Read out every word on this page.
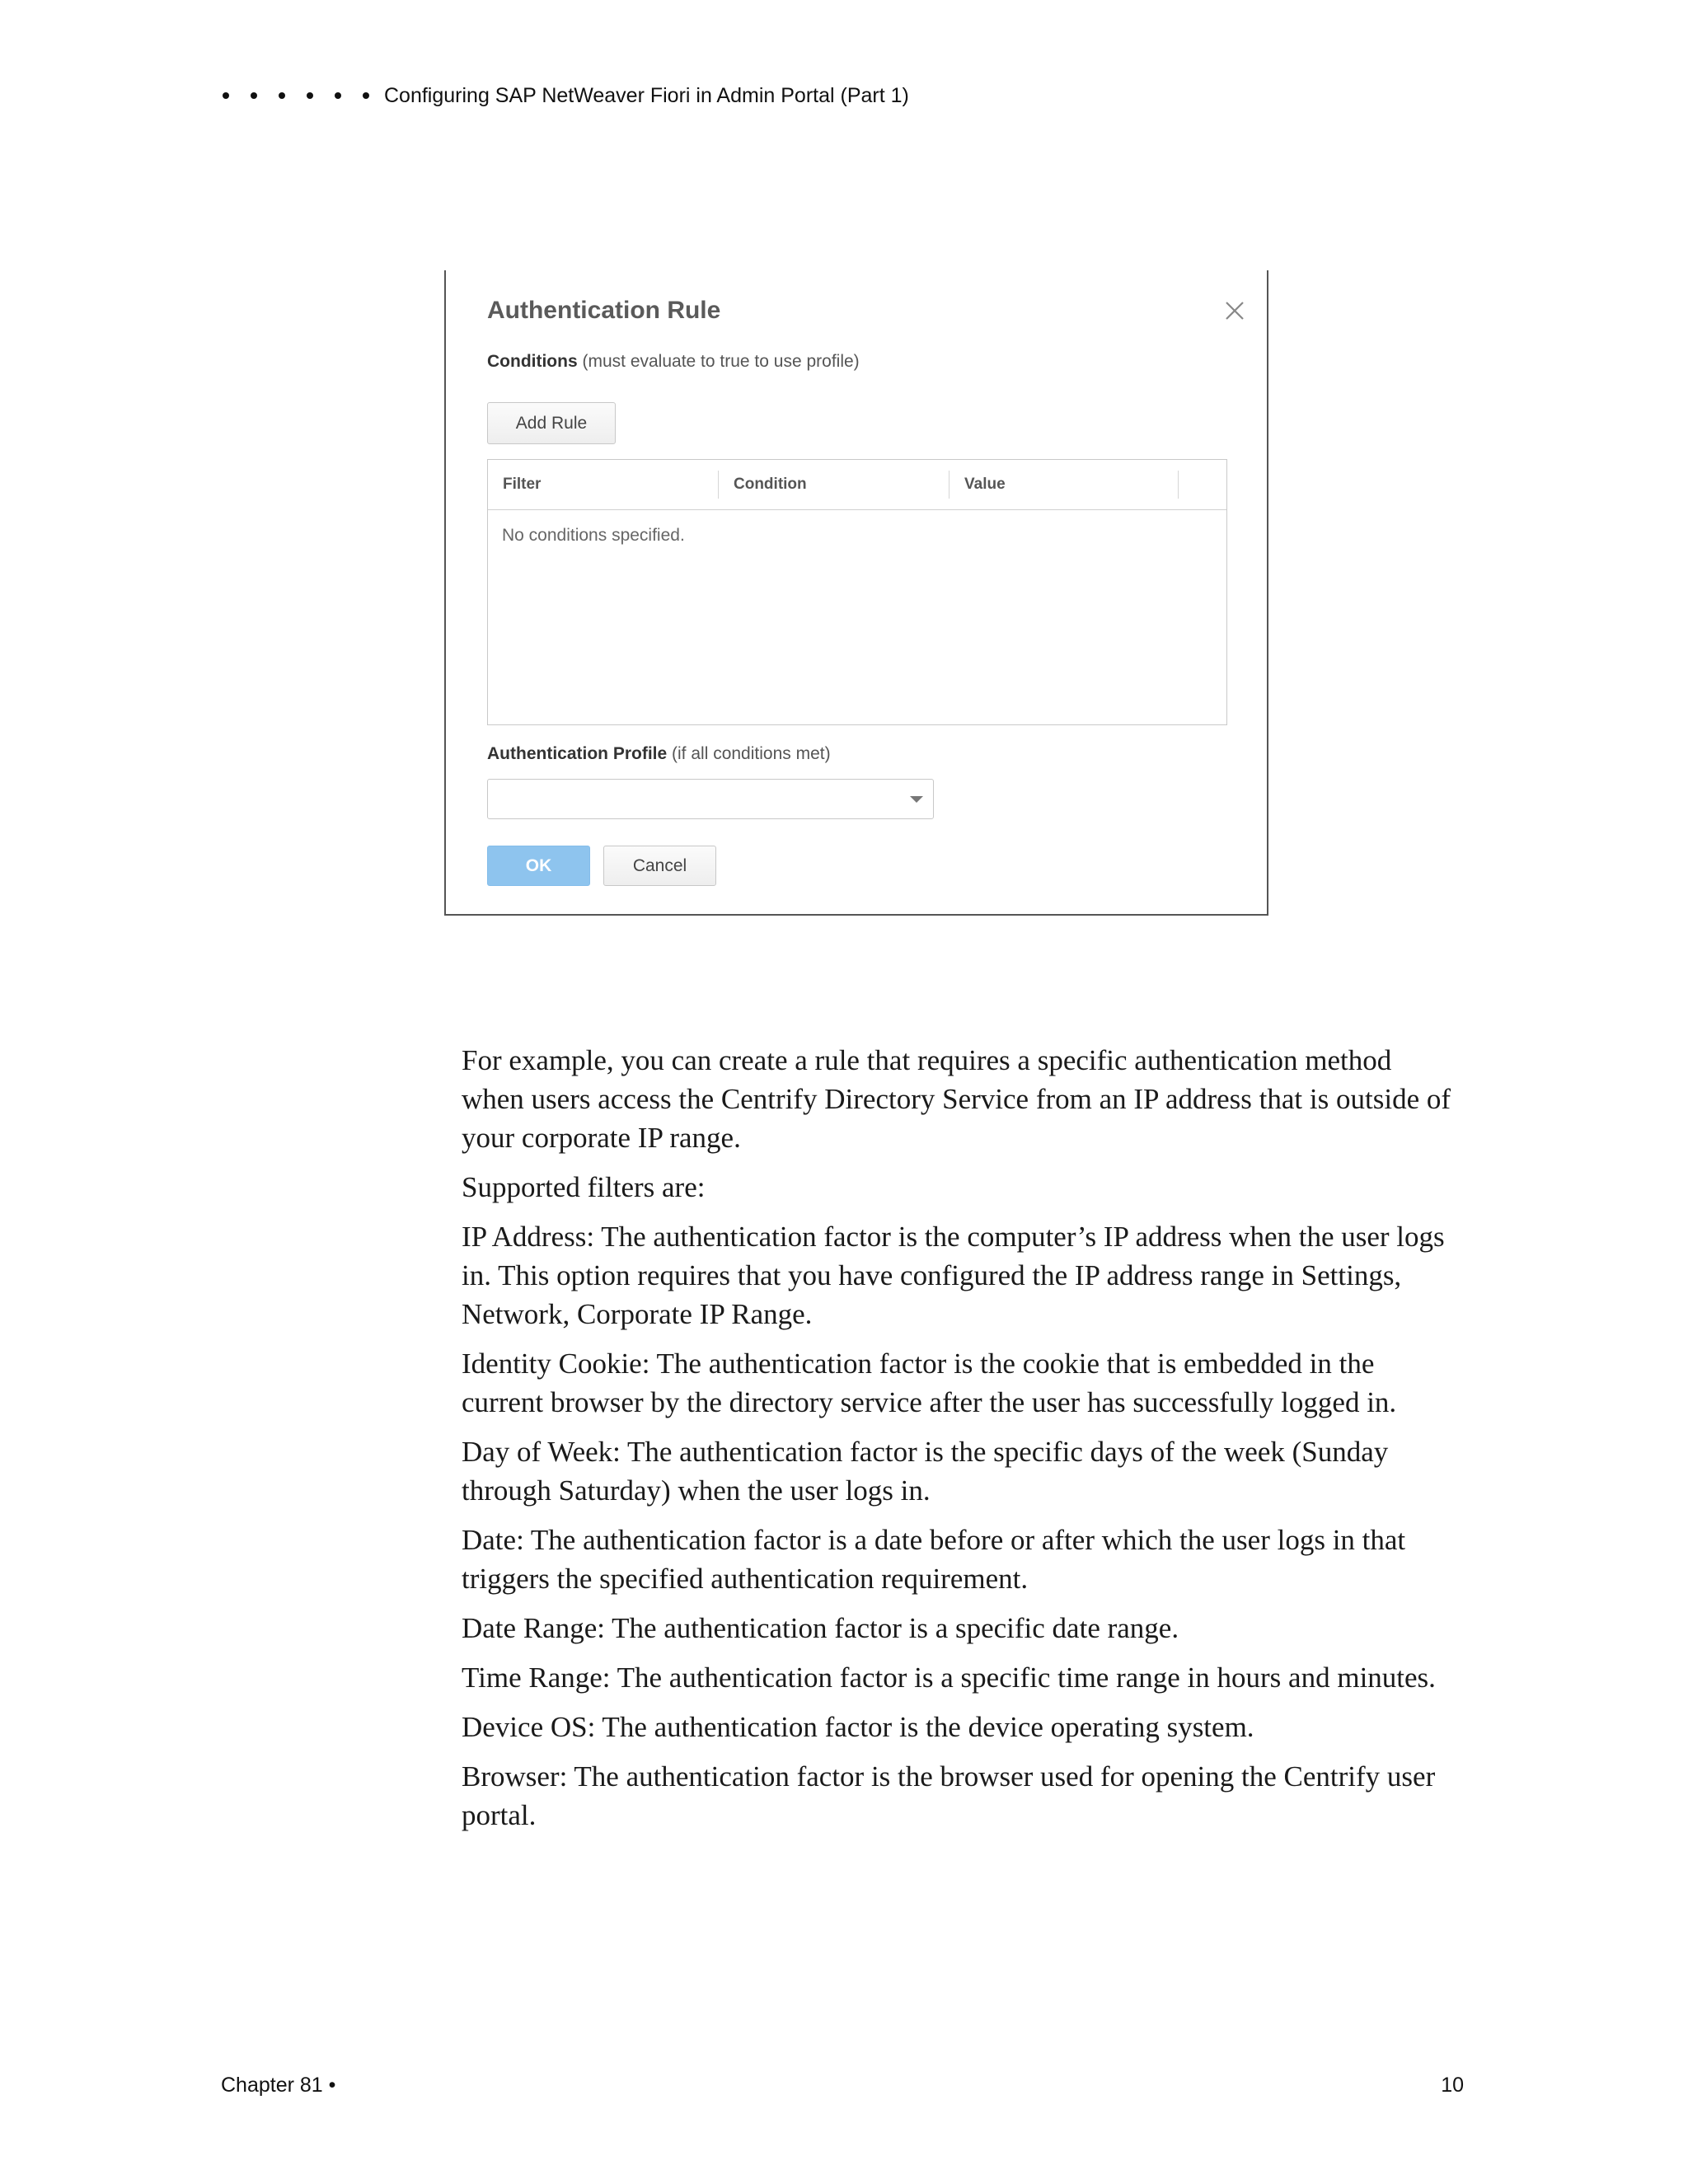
Configuring SAP NetWeaver Fiori in Admin Portal (Part 1)
Authentication Rule
Conditions (must evaluate to true to use profile)
Add Rule
Filter	Condition	Value
No conditions specified.
Authentication Profile (if all conditions met)
OK	Cancel

For example, you can create a rule that requires a specific authentication method when users access the Centrify Directory Service from an IP address that is outside of your corporate IP range.

Supported filters are:

IP Address: The authentication factor is the computer’s IP address when the user logs in. This option requires that you have configured the IP address range in Settings, Network, Corporate IP Range.

Identity Cookie: The authentication factor is the cookie that is embedded in the current browser by the directory service after the user has successfully logged in.

Day of Week: The authentication factor is the specific days of the week (Sunday through Saturday) when the user logs in.

Date: The authentication factor is a date before or after which the user logs in that triggers the specified authentication requirement.

Date Range: The authentication factor is a specific date range.

Time Range: The authentication factor is a specific time range in hours and minutes.

Device OS: The authentication factor is the device operating system.

Browser: The authentication factor is the browser used for opening the Centrify user portal.

Chapter 81 •	10
